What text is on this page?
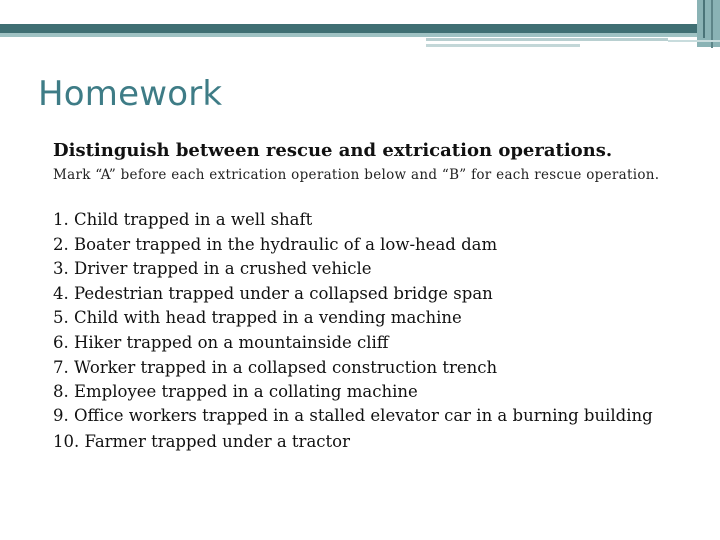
Homework

Distinguish between rescue and extrication operations.

Mark “A” before each extrication operation below and “B” for each rescue operation.

1. Child trapped in a well shaft
2. Boater trapped in the hydraulic of a low-head dam
3. Driver trapped in a crushed vehicle
4. Pedestrian trapped under a collapsed bridge span
5. Child with head trapped in a vending machine
6. Hiker trapped on a mountainside cliff
7. Worker trapped in a collapsed construction trench
8. Employee trapped in a collating machine
9. Office workers trapped in a stalled elevator car in a burning building
10. Farmer trapped under a tractor
